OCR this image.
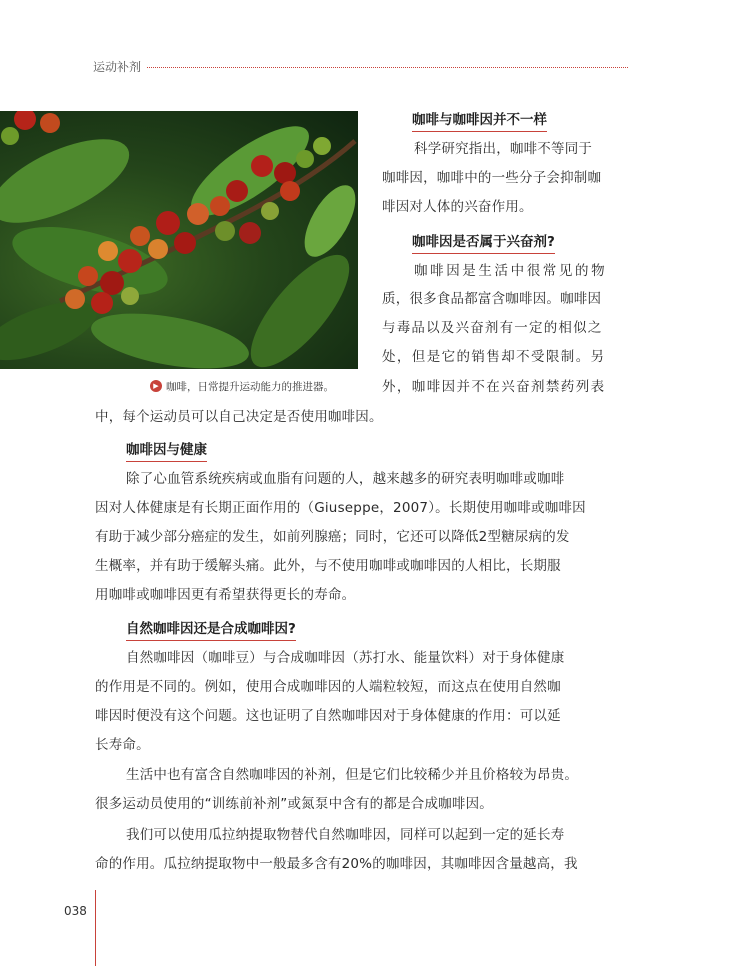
运动补剂
▶ 咖啡，日常提升运动能力的推进器。
咖啡与咖啡因并不一样
科学研究指出，咖啡不等同于
咖啡因，咖啡中的一些分子会抑制咖
啡因对人体的兴奋作用。
咖啡因是否属于兴奋剂?
咖啡因是生活中很常见的物
质，很多食品都富含咖啡因。咖啡因
与毒品以及兴奋剂有一定的相似之
处，但是它的销售却不受限制。另
外，咖啡因并不在兴奋剂禁药列表
中，每个运动员可以自己决定是否使用咖啡因。
咖啡因与健康
除了心血管系统疾病或血脂有问题的人，越来越多的研究表明咖啡或咖啡
因对人体健康是有长期正面作用的（Giuseppe，2007）。长期使用咖啡或咖啡因
有助于减少部分癌症的发生，如前列腺癌；同时，它还可以降低2型糖尿病的发
生概率，并有助于缓解头痛。此外，与不使用咖啡或咖啡因的人相比，长期服
用咖啡或咖啡因更有希望获得更长的寿命。
自然咖啡因还是合成咖啡因?
自然咖啡因（咖啡豆）与合成咖啡因（苏打水、能量饮料）对于身体健康
的作用是不同的。例如，使用合成咖啡因的人端粒较短，而这点在使用自然咖
啡因时便没有这个问题。这也证明了自然咖啡因对于身体健康的作用：可以延
长寿命。
生活中也有富含自然咖啡因的补剂，但是它们比较稀少并且价格较为昂贵。
很多运动员使用的“训练前补剂”或氮泵中含有的都是合成咖啡因。
我们可以使用瓜拉纳提取物替代自然咖啡因，同样可以起到一定的延长寿
命的作用。瓜拉纳提取物中一般最多含有20%的咖啡因，其咖啡因含量越高，我
038
